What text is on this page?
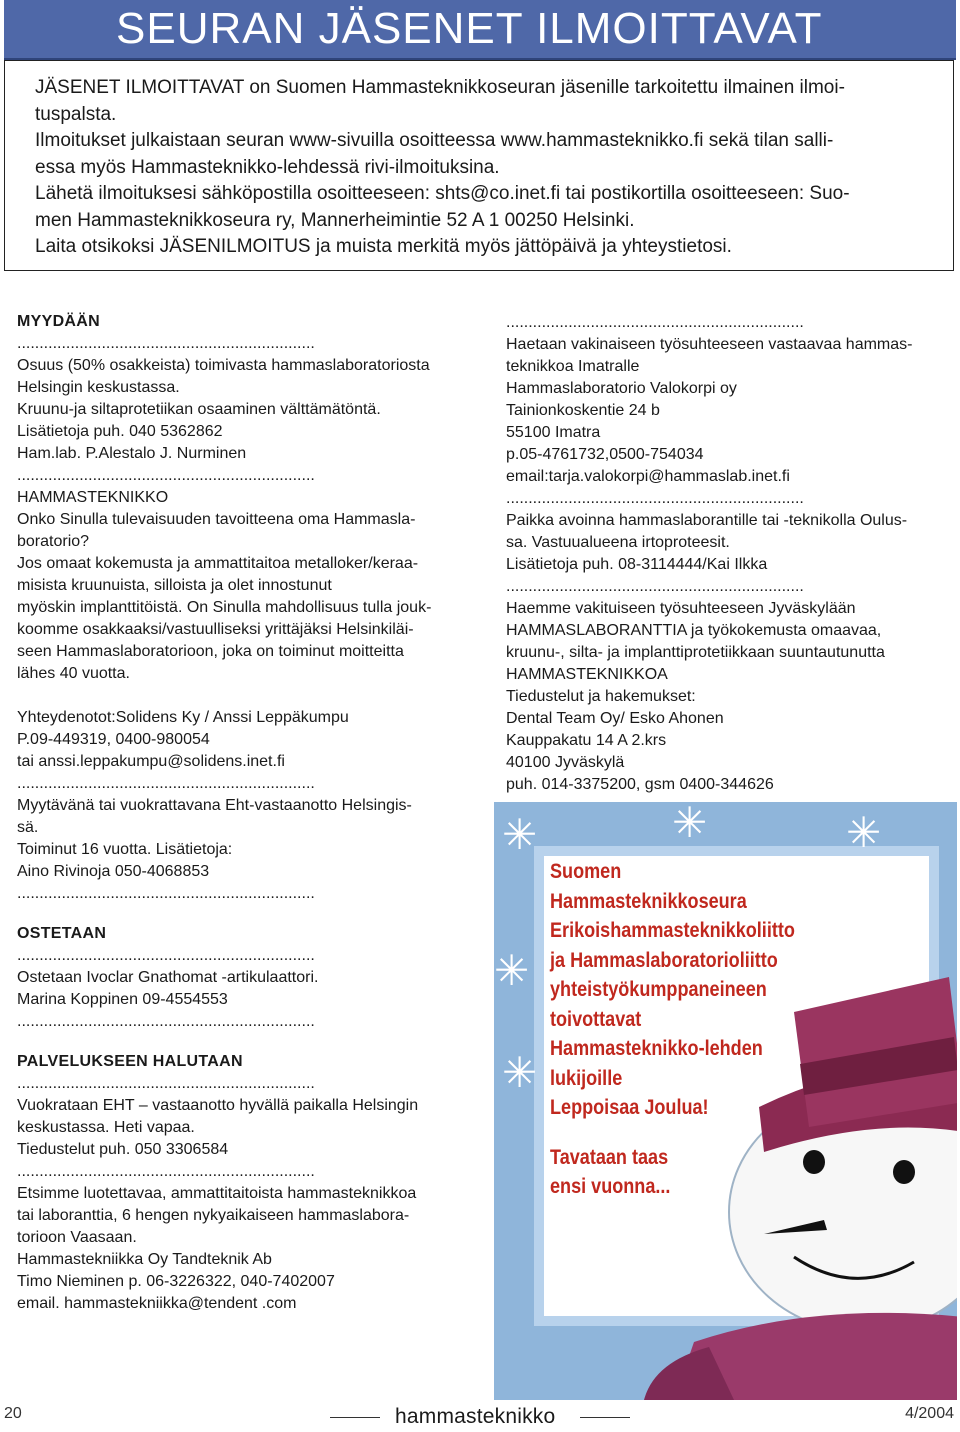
SEURAN JÄSENET ILMOITTAVAT

JÄSENET ILMOITTAVAT on Suomen Hammasteknikkoseuran jäsenille tarkoitettu ilmainen ilmoi-

tuspalsta.

Ilmoitukset julkaistaan seuran www-sivuilla osoitteessa www.hammasteknikko.fi sekä tilan salli-

essa myös Hammasteknikko-lehdessä rivi-ilmoituksina.

Lähetä ilmoituksesi sähköpostilla osoitteeseen: shts@co.inet.fi tai postikortilla osoitteeseen: Suo-

men Hammasteknikkoseura ry, Mannerheimintie 52 A 1 00250 Helsinki.

Laita otsikoksi JÄSENILMOITUS ja muista merkitä myös jättöpäivä ja yhteystietosi.

MYYDÄÄN
...................................................................
Osuus (50% osakkeista) toimivasta hammaslaboratoriosta
Helsingin keskustassa.
Kruunu-ja siltaprotetiikan osaaminen välttämätöntä.
Lisätietoja puh. 040 5362862
Ham.lab. P.Alestalo J. Nurminen
...................................................................
HAMMASTEKNIKKO
Onko Sinulla tulevaisuuden tavoitteena oma Hammasla-
boratorio?
Jos omaat kokemusta ja ammattitaitoa metalloker/keraa-
misista kruunuista, silloista ja olet innostunut
myöskin implanttitöistä. On Sinulla mahdollisuus tulla jouk-
koomme osakkaaksi/vastuulliseksi yrittäjäksi Helsinkiläi-
seen Hammaslaboratorioon, joka on toiminut moitteitta
lähes 40 vuotta.
Yhteydenotot:Solidens Ky / Anssi Leppäkumpu
P.09-449319, 0400-980054
tai anssi.leppakumpu@solidens.inet.fi
...................................................................
Myytävänä tai vuokrattavana Eht-vastaanotto Helsingis-
sä.
Toiminut 16 vuotta. Lisätietoja:
Aino Rivinoja 050-4068853
...................................................................
OSTETAAN
...................................................................
Ostetaan Ivoclar Gnathomat -artikulaattori.
Marina Koppinen 09-4554553
...................................................................
PALVELUKSEEN HALUTAAN
...................................................................
Vuokrataan EHT – vastaanotto hyvällä paikalla Helsingin
keskustassa. Heti vapaa.
Tiedustelut puh. 050 3306584
...................................................................
Etsimme luotettavaa, ammattitaitoista hammasteknikkoa
tai laboranttia, 6 hengen nykyaikaiseen hammaslabora-
torioon Vaasaan.
Hammastekniikka Oy Tandteknik Ab
Timo Nieminen p. 06-3226322, 040-7402007
email. hammastekniikka@tendent .com
...................................................................
Haetaan vakinaiseen työsuhteeseen vastaavaa hammas-
teknikkoa Imatralle
Hammaslaboratorio Valokorpi oy
Tainionkoskentie 24 b
55100 Imatra
p.05-4761732,0500-754034
email:tarja.valokorpi@hammaslab.inet.fi
...................................................................
Paikka avoinna hammaslaborantille tai -teknikolla Oulus-
sa. Vastuualueena irtoproteesit.
Lisätietoja puh. 08-3114444/Kai Ilkka
...................................................................
Haemme vakituiseen työsuhteeseen Jyväskylään
HAMMASLABORANTTIA ja työkokemusta omaavaa,
kruunu-, silta- ja implanttiprotetiikkaan suuntautunutta
HAMMASTEKNIKKOA
Tiedustelut ja hakemukset:
Dental Team Oy/ Esko Ahonen
Kauppakatu 14 A 2.krs
40100 Jyväskylä
puh. 014-3375200, gsm 0400-344626
✳	✳	✳
✳
✳
✳
Suomen
Hammasteknikkoseura
Erikoishammasteknikkoliitto
ja Hammaslaboratorioliitto
yhteistyökumppaneineen
toivottavat
Hammasteknikko-lehden
lukijoille
Leppoisaa Joulua!
Tavataan taas
ensi vuonna...
20	hammasteknikko	4/2004
